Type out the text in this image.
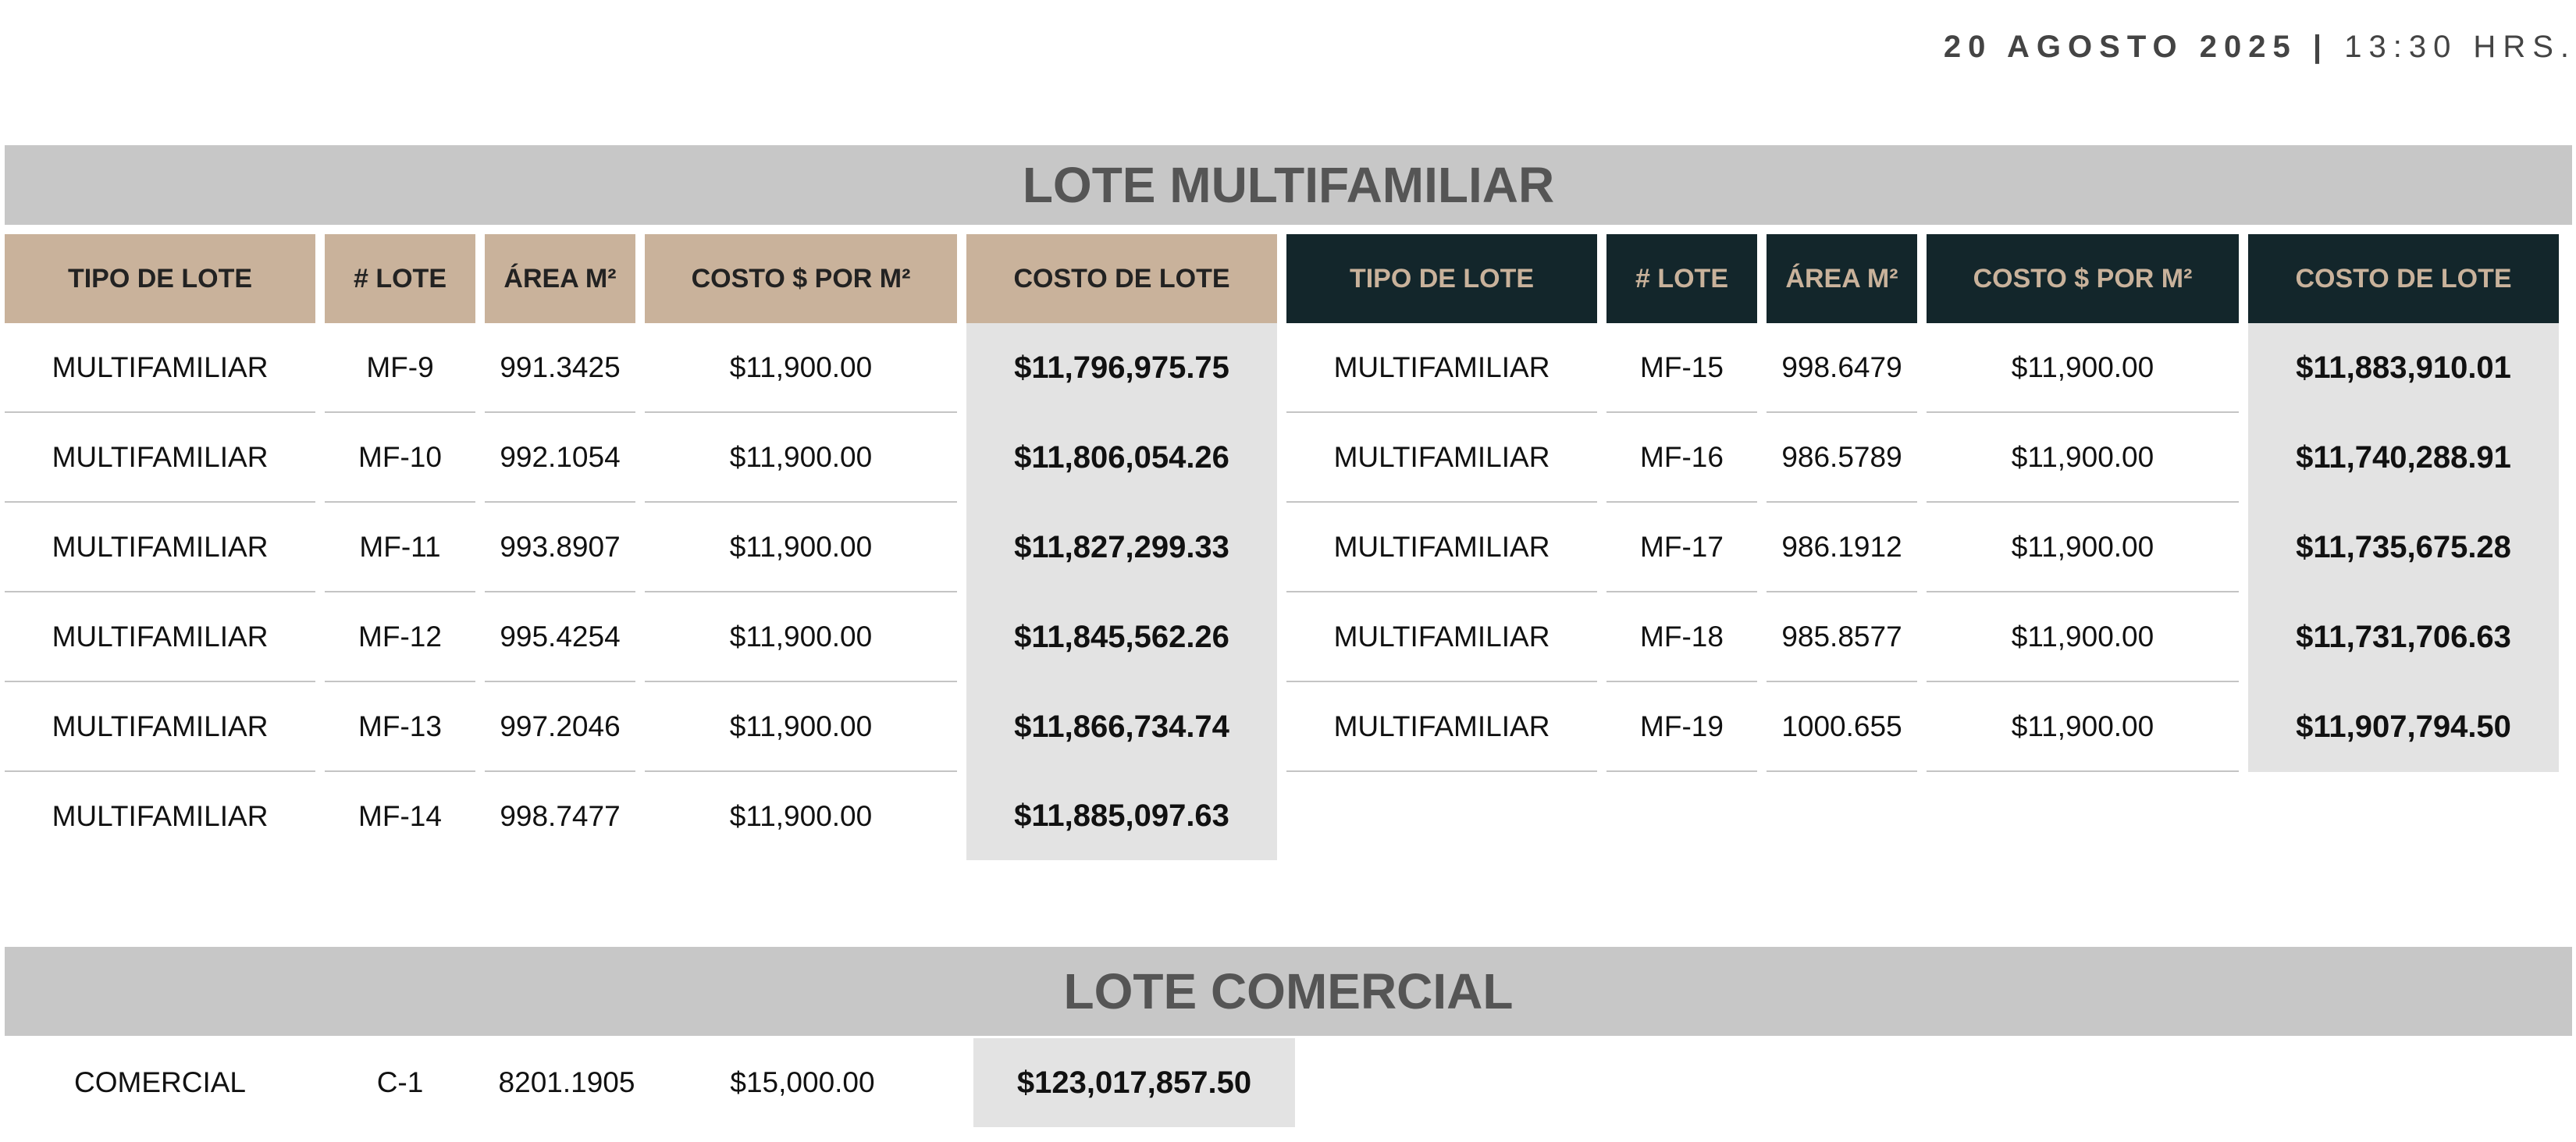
20 AGOSTO 2025 | 13:30 HRS.
LOTE MULTIFAMILIAR
TIPO DE LOTE	# LOTE	ÁREA M²	COSTO $ POR M²	COSTO DE LOTE	TIPO DE LOTE	# LOTE	ÁREA M²	COSTO $ POR M²	COSTO DE LOTE
MULTIFAMILIAR	MF-9	991.3425	$11,900.00	$11,796,975.75	MULTIFAMILIAR	MF-15	998.6479	$11,900.00	$11,883,910.01
MULTIFAMILIAR	MF-10	992.1054	$11,900.00	$11,806,054.26	MULTIFAMILIAR	MF-16	986.5789	$11,900.00	$11,740,288.91
MULTIFAMILIAR	MF-11	993.8907	$11,900.00	$11,827,299.33	MULTIFAMILIAR	MF-17	986.1912	$11,900.00	$11,735,675.28
MULTIFAMILIAR	MF-12	995.4254	$11,900.00	$11,845,562.26	MULTIFAMILIAR	MF-18	985.8577	$11,900.00	$11,731,706.63
MULTIFAMILIAR	MF-13	997.2046	$11,900.00	$11,866,734.74	MULTIFAMILIAR	MF-19	1000.655	$11,900.00	$11,907,794.50
MULTIFAMILIAR	MF-14	998.7477	$11,900.00	$11,885,097.63					
LOTE COMERCIAL
COMERCIAL	C-1	8201.1905	$15,000.00	$123,017,857.50
